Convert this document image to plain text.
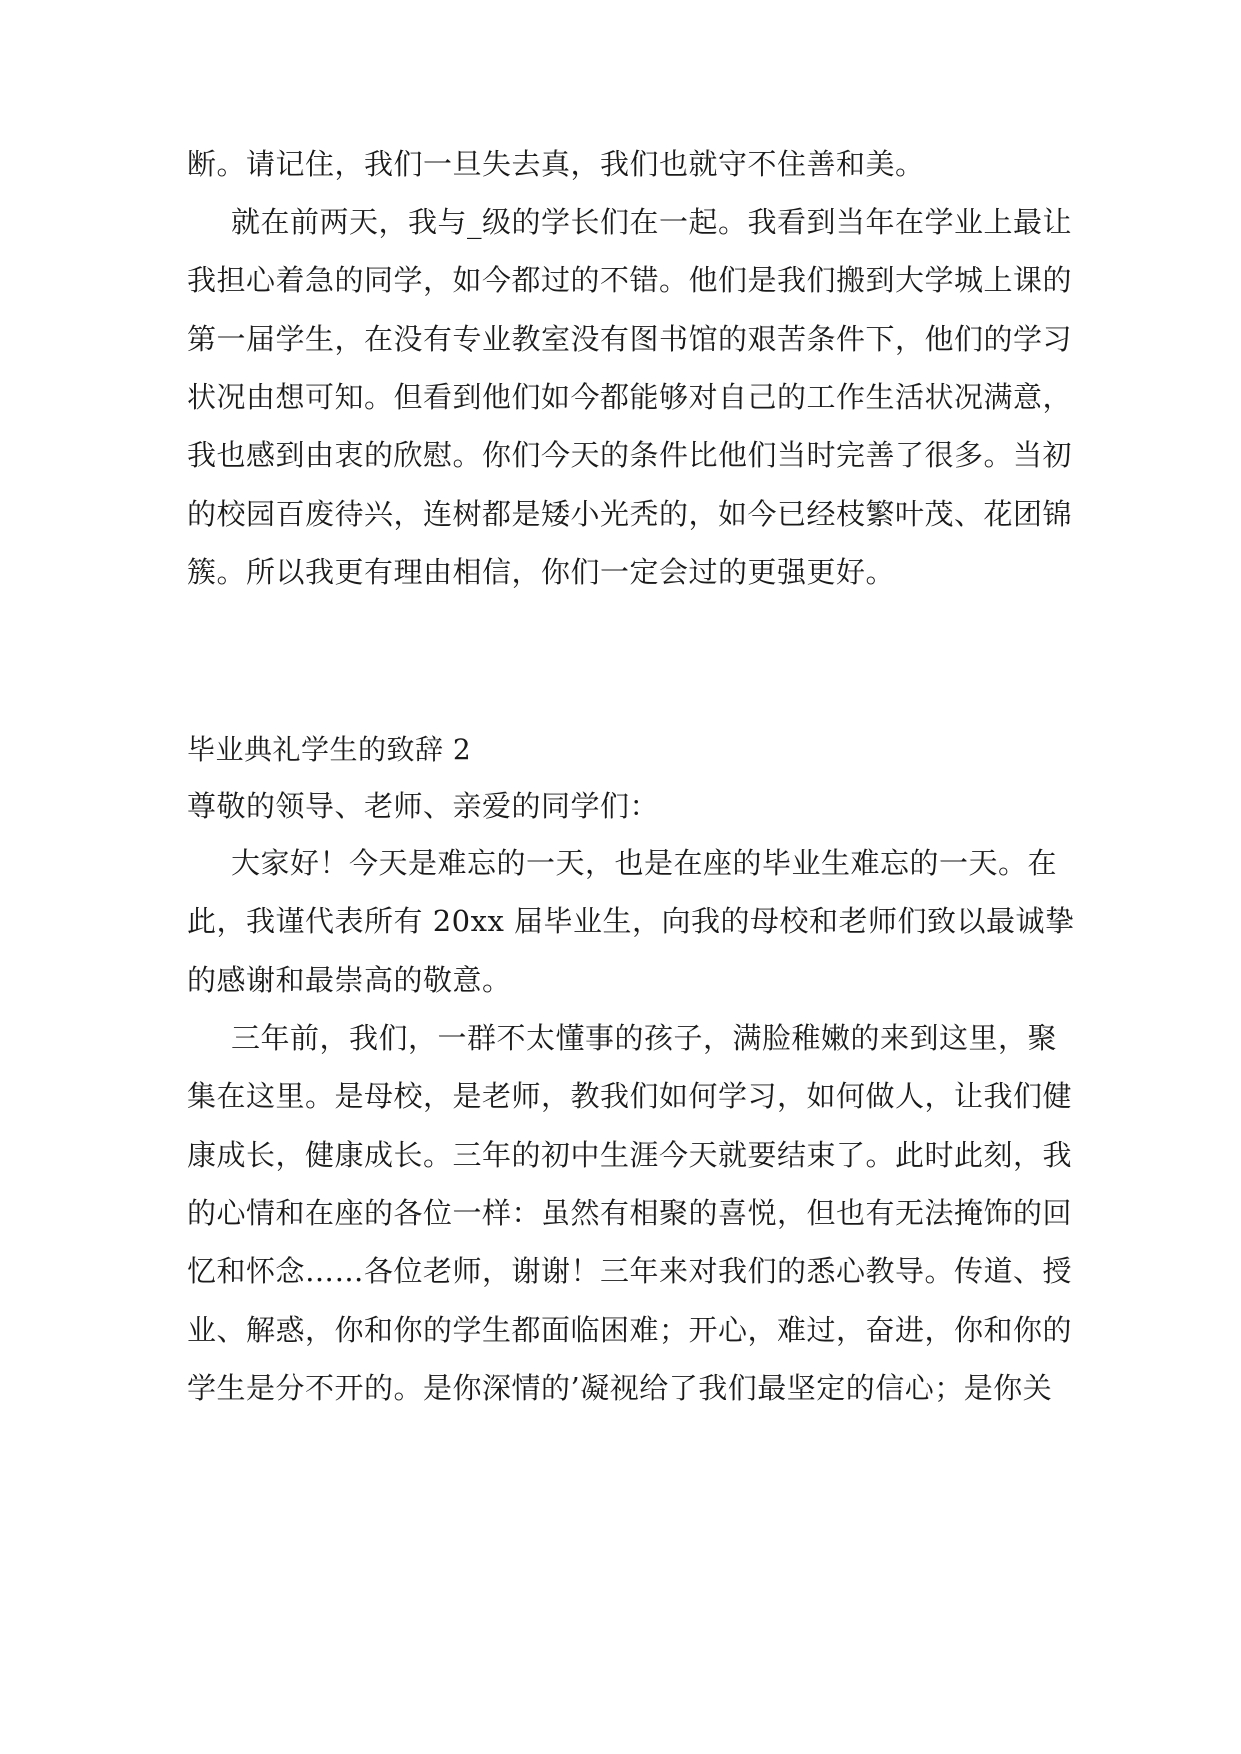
断。请记住，我们一旦失去真，我们也就守不住善和美。
就在前两天，我与_级的学长们在一起。我看到当年在学业上最让
我担心着急的同学，如今都过的不错。他们是我们搬到大学城上课的
第一届学生，在没有专业教室没有图书馆的艰苦条件下，他们的学习
状况由想可知。但看到他们如今都能够对自己的工作生活状况满意，
我也感到由衷的欣慰。你们今天的条件比他们当时完善了很多。当初
的校园百废待兴，连树都是矮小光秃的，如今已经枝繁叶茂、花团锦
簇。所以我更有理由相信，你们一定会过的更强更好。
毕业典礼学生的致辞 2
尊敬的领导、老师、亲爱的同学们：
大家好！今天是难忘的一天，也是在座的毕业生难忘的一天。在
此，我谨代表所有 20xx 届毕业生，向我的母校和老师们致以最诚挚
的感谢和最崇高的敬意。
三年前，我们，一群不太懂事的孩子，满脸稚嫩的来到这里，聚
集在这里。是母校，是老师，教我们如何学习，如何做人，让我们健
康成长，健康成长。三年的初中生涯今天就要结束了。此时此刻，我
的心情和在座的各位一样：虽然有相聚的喜悦，但也有无法掩饰的回
忆和怀念……各位老师，谢谢！三年来对我们的悉心教导。传道、授
业、解惑，你和你的学生都面临困难；开心，难过，奋进，你和你的
学生是分不开的。是你深情的’凝视给了我们最坚定的信心；是你关
